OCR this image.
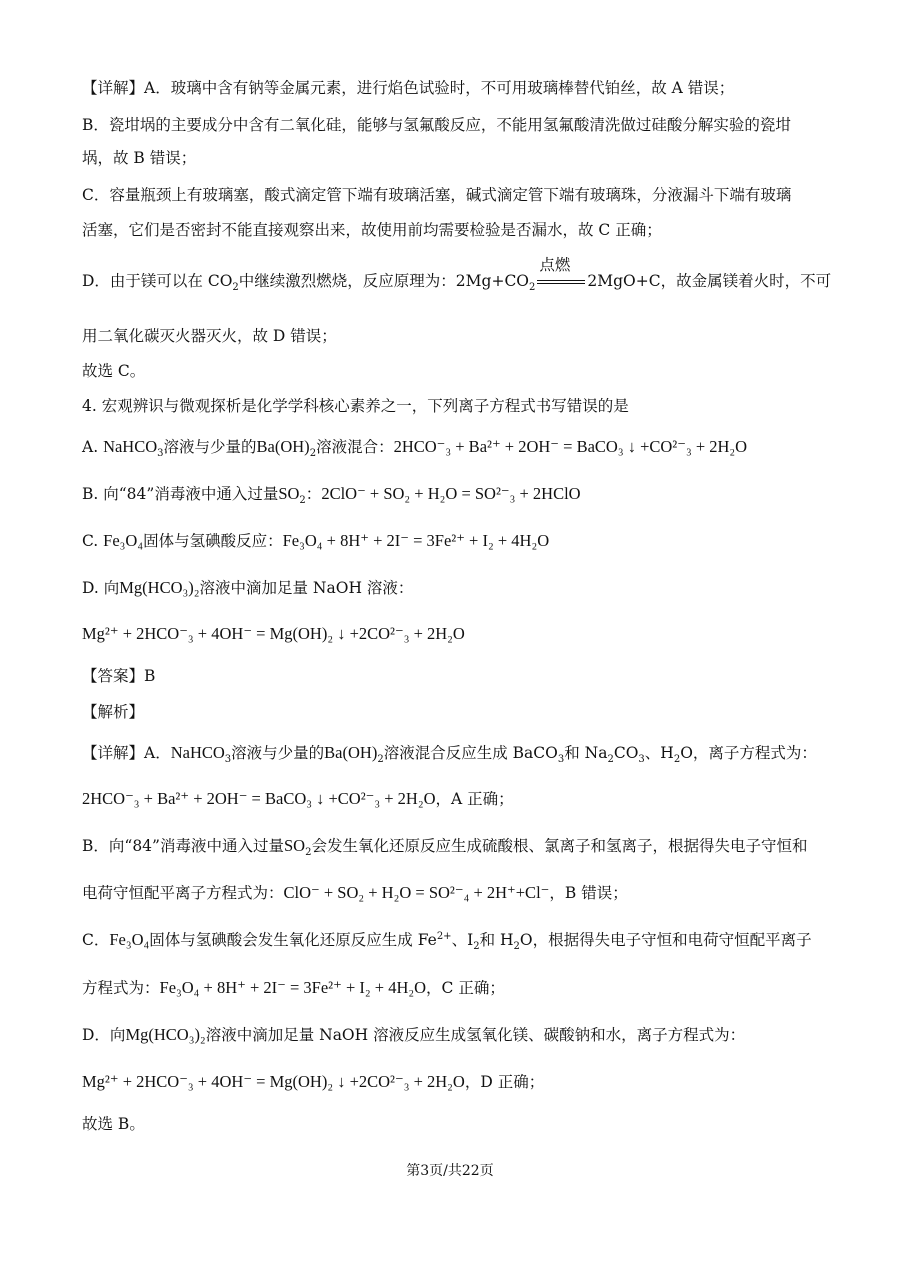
【详解】A．玻璃中含有钠等金属元素，进行焰色试验时，不可用玻璃棒替代铂丝，故 A 错误；
B．瓷坩埚的主要成分中含有二氧化硅，能够与氢氟酸反应，不能用氢氟酸清洗做过硅酸分解实验的瓷坩
埚，故 B 错误；
C．容量瓶颈上有玻璃塞，酸式滴定管下端有玻璃活塞，碱式滴定管下端有玻璃珠，分液漏斗下端有玻璃
活塞，它们是否密封不能直接观察出来，故使用前均需要检验是否漏水，故 C 正确；
D．由于镁可以在 $CO_2$中继续激烈燃烧，反应原理为：$2Mg+CO_2$
点燃
2MgO+C，故金属镁着火时，不可
用二氧化碳灭火器灭火，故 D 错误；
故选 C。
4. 宏观辨识与微观探析是化学学科核心素养之一，下列离子方程式书写错误的是
A. NaHCO$_3$溶液与少量的$Ba(OH)_2$溶液混合：2HCO⁻₃ + Ba²⁺ + 2OH⁻ = BaCO₃ ↓ +CO²⁻₃ + 2H₂O
B. 向“84”消毒液中通入过量$SO_2$：2ClO⁻ + SO₂ + H₂O = SO²⁻₃ + 2HClO
C. Fe₃O₄固体与氢碘酸反应：Fe₃O₄ + 8H⁺ + 2I⁻ = 3Fe²⁺ + I₂ + 4H₂O
D. 向Mg(HCO₃)₂溶液中滴加足量 NaOH 溶液：
Mg²⁺ + 2HCO⁻₃ + 4OH⁻ = Mg(OH)₂ ↓ +2CO²⁻₃ + 2H₂O
【答案】B
【解析】
【详解】A．NaHCO$_3$溶液与少量的$Ba(OH)_2$溶液混合反应生成 BaCO$_3$和 $Na_2CO_3$、$H_2O$，离子方程式为：
2HCO⁻₃ + Ba²⁺ + 2OH⁻ = BaCO₃ ↓ +CO²⁻₃ + 2H₂O，A 正确；
B．向“84”消毒液中通入过量$SO_2$会发生氧化还原反应生成硫酸根、氯离子和氢离子，根据得失电子守恒和
电荷守恒配平离子方程式为：ClO⁻ + SO₂ + H₂O = SO²⁻₄ + 2H⁺+Cl⁻，B 错误；
C．Fe₃O₄固体与氢碘酸会发生氧化还原反应生成 $Fe^{2+}$、$I_2$和 $H_2O$，根据得失电子守恒和电荷守恒配平离子
方程式为：Fe₃O₄ + 8H⁺ + 2I⁻ = 3Fe²⁺ + I₂ + 4H₂O，C 正确；
D．向Mg(HCO₃)₂溶液中滴加足量 NaOH 溶液反应生成氢氧化镁、碳酸钠和水，离子方程式为：
Mg²⁺ + 2HCO⁻₃ + 4OH⁻ = Mg(OH)₂ ↓ +2CO²⁻₃ + 2H₂O，D 正确；
故选 B。
第3页/共22页
